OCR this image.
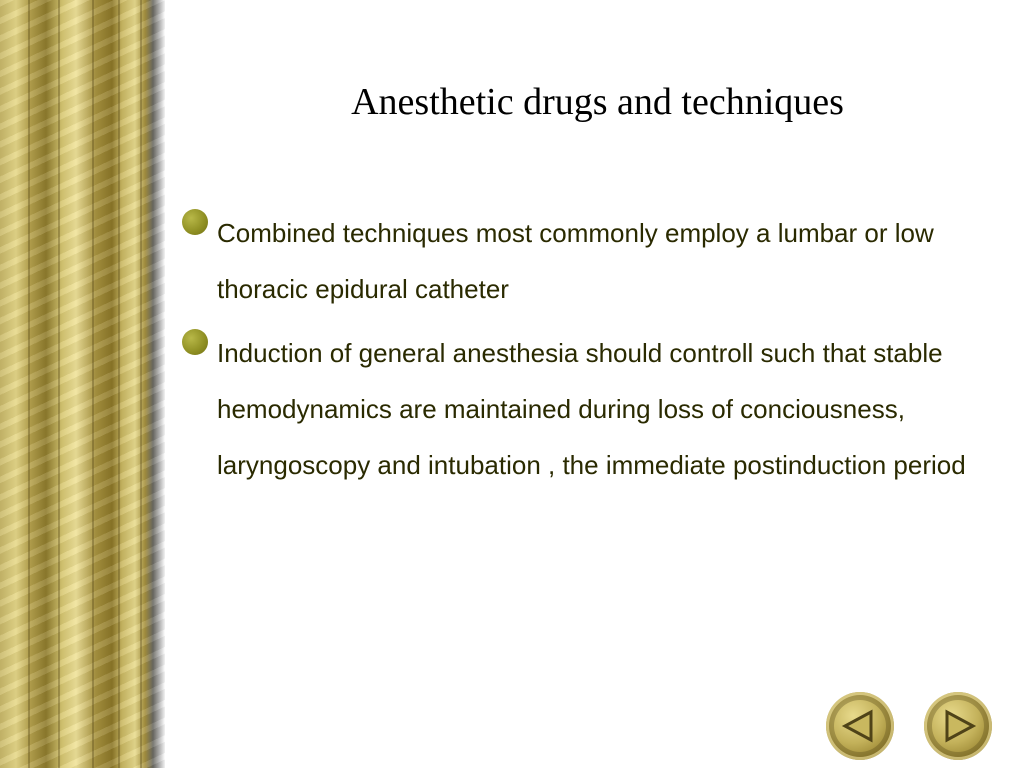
Anesthetic drugs and techniques
Combined techniques most commonly employ a lumbar or low thoracic epidural catheter
Induction of general anesthesia should controll such that stable hemodynamics are maintained during loss of conciousness, laryngoscopy and intubation , the immediate postinduction period
